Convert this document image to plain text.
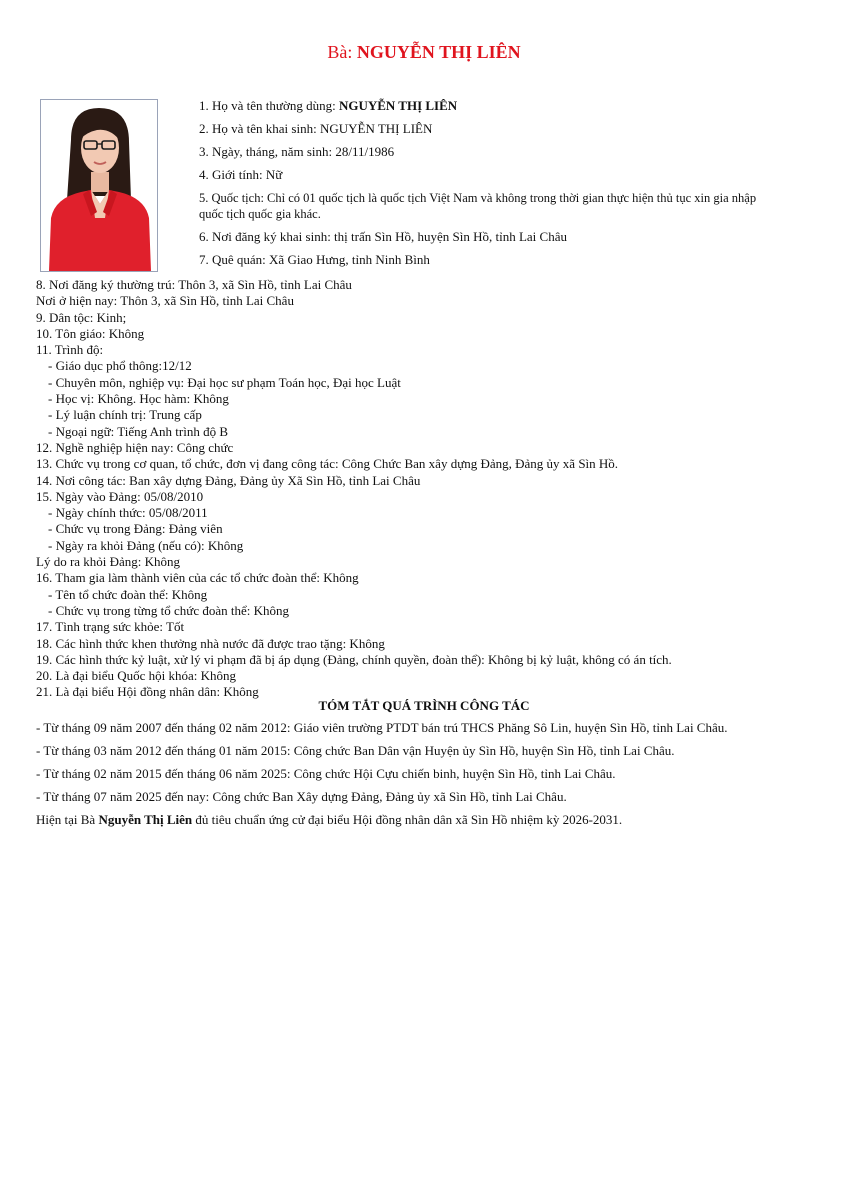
Bà: NGUYỄN THỊ LIÊN
1. Họ và tên thường dùng: NGUYỄN THỊ LIÊN
2. Họ và tên khai sinh: NGUYỄN THỊ LIÊN
3. Ngày, tháng, năm sinh: 28/11/1986
4. Giới tính: Nữ
5. Quốc tịch: Chỉ có 01 quốc tịch là quốc tịch Việt Nam và không trong thời gian thực hiện thủ tục xin gia nhập quốc tịch quốc gia khác.
6. Nơi đăng ký khai sinh: thị trấn Sìn Hồ, huyện Sìn Hồ, tỉnh Lai Châu
7. Quê quán: Xã Giao Hưng, tỉnh Ninh Bình
8. Nơi đăng ký thường trú: Thôn 3, xã Sìn Hồ, tỉnh Lai Châu
Nơi ở hiện nay: Thôn 3, xã Sìn Hồ, tỉnh Lai Châu
9. Dân tộc: Kinh;
10. Tôn giáo: Không
11. Trình độ:
- Giáo dục phổ thông:12/12
- Chuyên môn, nghiệp vụ: Đại học sư phạm Toán học, Đại học Luật
- Học vị: Không. Học hàm: Không
- Lý luận chính trị: Trung cấp
- Ngoại ngữ: Tiếng Anh trình độ B
12. Nghề nghiệp hiện nay: Công chức
13. Chức vụ trong cơ quan, tổ chức, đơn vị đang công tác: Công Chức Ban xây dựng Đảng, Đảng ủy xã Sìn Hồ.
14. Nơi công tác: Ban xây dựng Đảng, Đảng ủy Xã Sìn Hồ, tỉnh Lai Châu
15. Ngày vào Đảng: 05/08/2010
- Ngày chính thức: 05/08/2011
- Chức vụ trong Đảng: Đảng viên
- Ngày ra khỏi Đảng (nếu có): Không
Lý do ra khỏi Đảng: Không
16. Tham gia làm thành viên của các tổ chức đoàn thể: Không
- Tên tổ chức đoàn thể: Không
- Chức vụ trong từng tổ chức đoàn thể: Không
17. Tình trạng sức khỏe: Tốt
18. Các hình thức khen thưởng nhà nước đã được trao tặng: Không
19. Các hình thức kỷ luật, xử lý vi phạm đã bị áp dụng (Đảng, chính quyền, đoàn thể): Không bị kỷ luật, không có án tích.
20. Là đại biểu Quốc hội khóa: Không
21. Là đại biểu Hội đồng nhân dân: Không
TÓM TẮT QUÁ TRÌNH CÔNG TÁC
- Từ tháng 09 năm 2007 đến tháng 02 năm 2012: Giáo viên trường PTDT bán trú THCS Phăng Sô Lin, huyện Sìn Hồ, tỉnh Lai Châu.
- Từ tháng 03 năm 2012 đến tháng 01 năm 2015: Công chức Ban Dân vận Huyện ủy Sìn Hồ, huyện Sìn Hồ, tỉnh Lai Châu.
- Từ tháng 02 năm 2015 đến tháng 06 năm 2025: Công chức Hội Cựu chiến binh, huyện Sìn Hồ, tỉnh Lai Châu.
- Từ tháng 07 năm 2025 đến nay: Công chức Ban Xây dựng Đảng, Đảng ủy xã Sìn Hồ, tỉnh Lai Châu.
Hiện tại Bà Nguyễn Thị Liên đủ tiêu chuẩn ứng cử đại biểu Hội đồng nhân dân xã Sìn Hồ nhiệm kỳ 2026-2031.
